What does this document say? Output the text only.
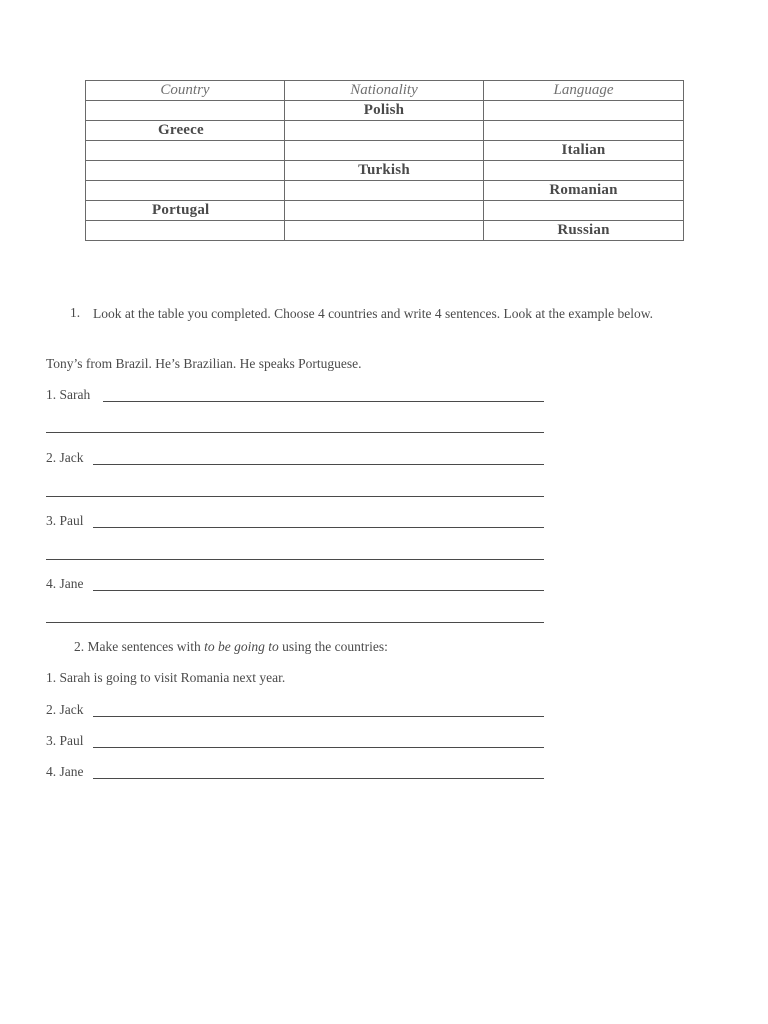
Country	Nationality	Language
	Polish	
Greece		
		Italian
	Turkish	
		Romanian
Portugal		
		Russian
1. Look at the table you completed. Choose 4 countries and write 4 sentences. Look at the example below.
Tony’s from Brazil. He’s Brazilian. He speaks Portuguese.
1. Sarah
2. Jack
3. Paul
4. Jane
2. Make sentences with to be going to using the countries:
1. Sarah is going to visit Romania next year.
2. Jack
3. Paul
4. Jane
